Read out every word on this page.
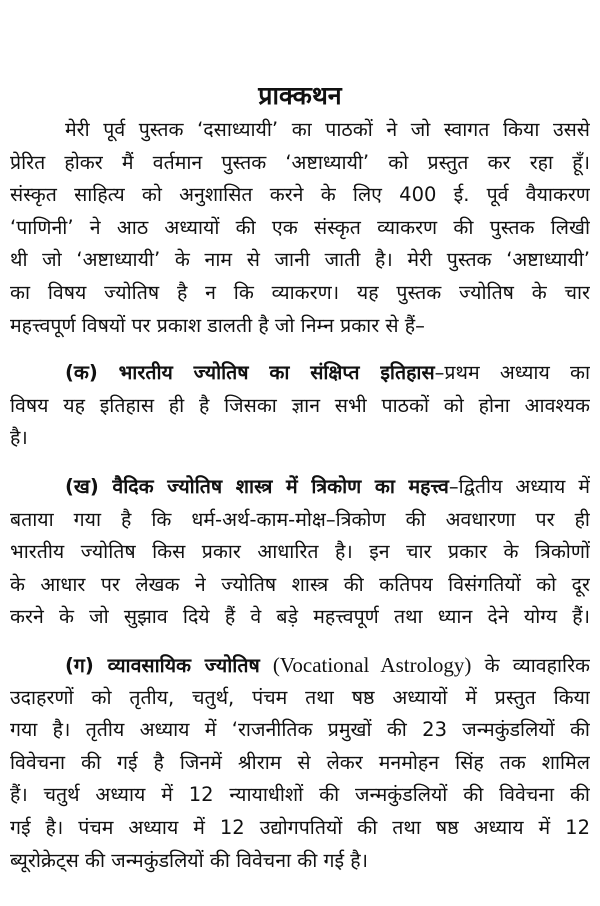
प्राक्कथन
मेरी पूर्व पुस्तक ‘दसाध्यायी’ का पाठकों ने जो स्वागत किया उससे
प्रेरित होकर मैं वर्तमान पुस्तक ‘अष्टाध्यायी’ को प्रस्तुत कर रहा हूँ।
संस्कृत साहित्य को अनुशासित करने के लिए 400 ई. पूर्व वैयाकरण
‘पाणिनी’ ने आठ अध्यायों की एक संस्कृत व्याकरण की पुस्तक लिखी
थी जो ‘अष्टाध्यायी’ के नाम से जानी जाती है। मेरी पुस्तक ‘अष्टाध्यायी’
का विषय ज्योतिष है न कि व्याकरण। यह पुस्तक ज्योतिष के चार
महत्त्वपूर्ण विषयों पर प्रकाश डालती है जो निम्न प्रकार से हैं–
(क) भारतीय ज्योतिष का संक्षिप्त इतिहास–प्रथम अध्याय का
विषय यह इतिहास ही है जिसका ज्ञान सभी पाठकों को होना आवश्यक
है।
(ख) वैदिक ज्योतिष शास्त्र में त्रिकोण का महत्त्व–द्वितीय अध्याय में
बताया गया है कि धर्म-अर्थ-काम-मोक्ष–त्रिकोण की अवधारणा पर ही
भारतीय ज्योतिष किस प्रकार आधारित है। इन चार प्रकार के त्रिकोणों
के आधार पर लेखक ने ज्योतिष शास्त्र की कतिपय विसंगतियों को दूर
करने के जो सुझाव दिये हैं वे बड़े महत्त्वपूर्ण तथा ध्यान देने योग्य हैं।
(ग) व्यावसायिक ज्योतिष (Vocational Astrology) के व्यावहारिक
उदाहरणों को तृतीय, चतुर्थ, पंचम तथा षष्ठ अध्यायों में प्रस्तुत किया
गया है। तृतीय अध्याय में ‘राजनीतिक प्रमुखों की 23 जन्मकुंडलियों की
विवेचना की गई है जिनमें श्रीराम से लेकर मनमोहन सिंह तक शामिल
हैं। चतुर्थ अध्याय में 12 न्यायाधीशों की जन्मकुंडलियों की विवेचना की
गई है। पंचम अध्याय में 12 उद्योगपतियों की तथा षष्ठ अध्याय में 12
ब्यूरोक्रेट्स की जन्मकुंडलियों की विवेचना की गई है।
